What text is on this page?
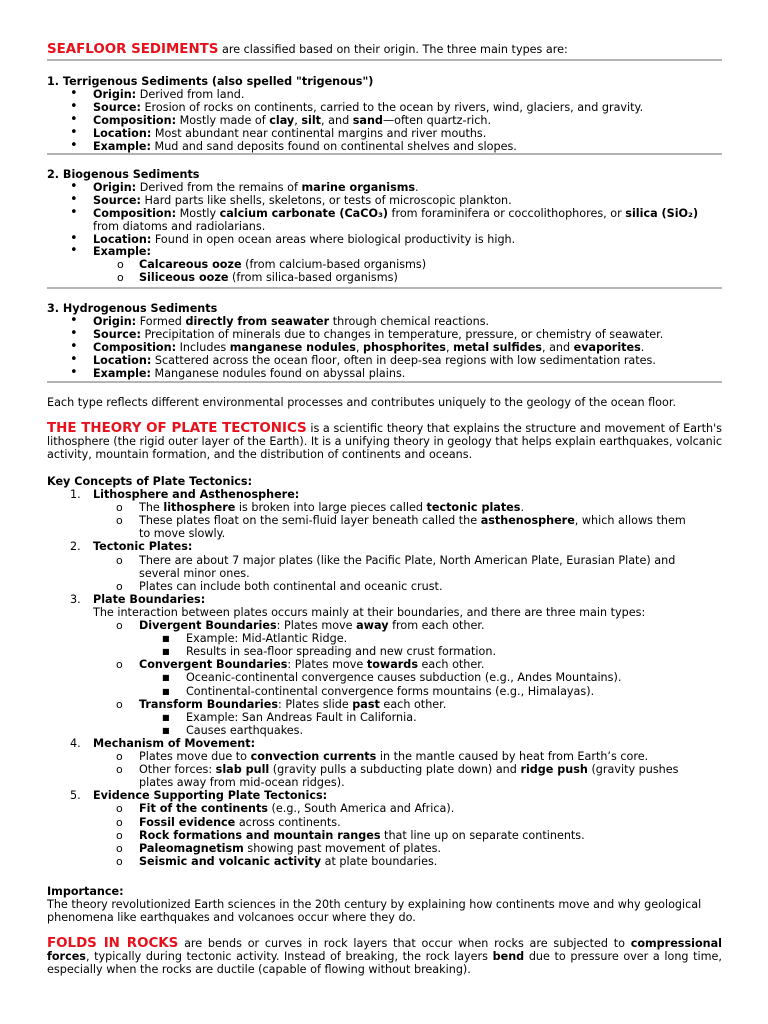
SEAFLOOR SEDIMENTS are classified based on their origin. The three main types are:
1. Terrigenous Sediments (also spelled "trigenous")
• Origin: Derived from land.
• Source: Erosion of rocks on continents, carried to the ocean by rivers, wind, glaciers, and gravity.
• Composition: Mostly made of clay, silt, and sand—often quartz-rich.
• Location: Most abundant near continental margins and river mouths.
• Example: Mud and sand deposits found on continental shelves and slopes.
2. Biogenous Sediments
• Origin: Derived from the remains of marine organisms.
• Source: Hard parts like shells, skeletons, or tests of microscopic plankton.
• Composition: Mostly calcium carbonate (CaCO₃) from foraminifera or coccolithophores, or silica (SiO₂)
from diatoms and radiolarians.
• Location: Found in open ocean areas where biological productivity is high.
• Example:
o Calcareous ooze (from calcium-based organisms)
o Siliceous ooze (from silica-based organisms)
3. Hydrogenous Sediments
• Origin: Formed directly from seawater through chemical reactions.
• Source: Precipitation of minerals due to changes in temperature, pressure, or chemistry of seawater.
• Composition: Includes manganese nodules, phosphorites, metal sulfides, and evaporites.
• Location: Scattered across the ocean floor, often in deep-sea regions with low sedimentation rates.
• Example: Manganese nodules found on abyssal plains.
Each type reflects different environmental processes and contributes uniquely to the geology of the ocean floor.
THE THEORY OF PLATE TECTONICS is a scientific theory that explains the structure and movement of Earth's lithosphere (the rigid outer layer of the Earth). It is a unifying theory in geology that helps explain earthquakes, volcanic activity, mountain formation, and the distribution of continents and oceans.
Key Concepts of Plate Tectonics:
1. Lithosphere and Asthenosphere:
o The lithosphere is broken into large pieces called tectonic plates.
o These plates float on the semi-fluid layer beneath called the asthenosphere, which allows them
to move slowly.
2. Tectonic Plates:
o There are about 7 major plates (like the Pacific Plate, North American Plate, Eurasian Plate) and
several minor ones.
o Plates can include both continental and oceanic crust.
3. Plate Boundaries:
The interaction between plates occurs mainly at their boundaries, and there are three main types:
o Divergent Boundaries: Plates move away from each other.
■ Example: Mid-Atlantic Ridge.
■ Results in sea-floor spreading and new crust formation.
o Convergent Boundaries: Plates move towards each other.
■ Oceanic-continental convergence causes subduction (e.g., Andes Mountains).
■ Continental-continental convergence forms mountains (e.g., Himalayas).
o Transform Boundaries: Plates slide past each other.
■ Example: San Andreas Fault in California.
■ Causes earthquakes.
4. Mechanism of Movement:
o Plates move due to convection currents in the mantle caused by heat from Earth’s core.
o Other forces: slab pull (gravity pulls a subducting plate down) and ridge push (gravity pushes
plates away from mid-ocean ridges).
5. Evidence Supporting Plate Tectonics:
o Fit of the continents (e.g., South America and Africa).
o Fossil evidence across continents.
o Rock formations and mountain ranges that line up on separate continents.
o Paleomagnetism showing past movement of plates.
o Seismic and volcanic activity at plate boundaries.
Importance:
The theory revolutionized Earth sciences in the 20th century by explaining how continents move and why geological phenomena like earthquakes and volcanoes occur where they do.
FOLDS IN ROCKS are bends or curves in rock layers that occur when rocks are subjected to compressional forces, typically during tectonic activity. Instead of breaking, the rock layers bend due to pressure over a long time, especially when the rocks are ductile (capable of flowing without breaking).
